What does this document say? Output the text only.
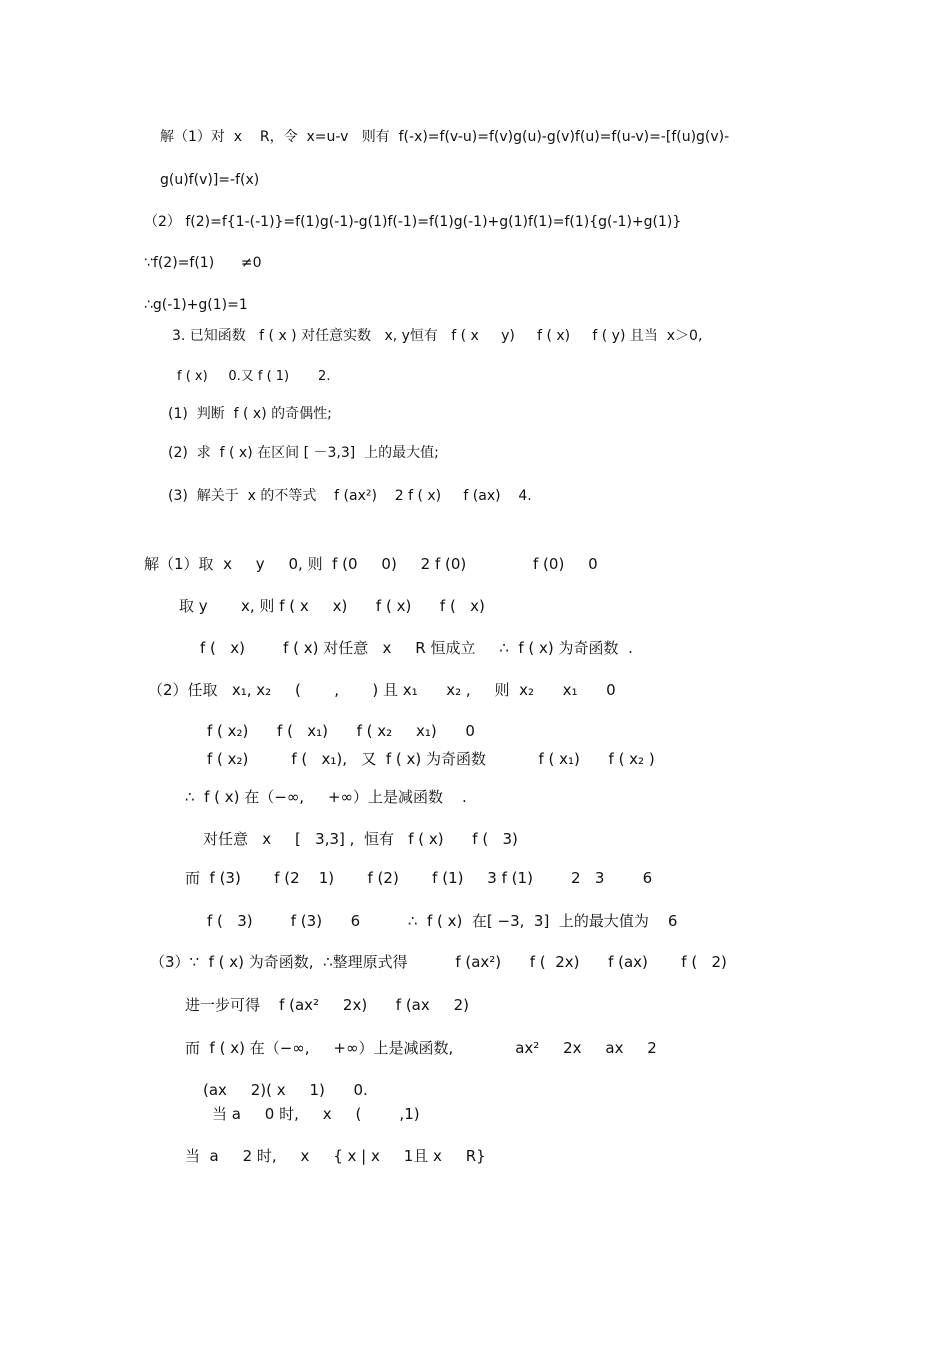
解（1）对  x    R，令  x=u-v   则有  f(-x)=f(v-u)=f(v)g(u)-g(v)f(u)=f(u-v)=-[f(u)g(v)-
g(u)f(v)]=-f(x)
（2） f(2)=f{1-(-1)}=f(1)g(-1)-g(1)f(-1)=f(1)g(-1)+g(1)f(1)=f(1){g(-1)+g(1)}
∵f(2)=f(1)      ≠0
∴g(-1)+g(1)=1
3. 已知函数   f ( x ) 对任意实数   x, y恒有   f ( x     y)     f ( x)     f ( y) 且当  x＞0,
f ( x)     0.又 f ( 1)       2.
(1)  判断  f ( x) 的奇偶性;
(2)  求  f ( x) 在区间 [ －3,3]  上的最大值;
(3)  解关于  x 的不等式    f (ax²)    2 f ( x)     f (ax)    4.
解（1）取  x     y     0, 则  f (0     0)     2 f (0)              f (0)     0
取 y       x, 则 f ( x     x)      f ( x)      f (   x)
f (   x)        f ( x) 对任意   x     R 恒成立     ∴  f ( x) 为奇函数  .
（2）任取   x₁, x₂     (       ,       ) 且 x₁      x₂ ,     则  x₂      x₁      0
f ( x₂)      f (   x₁)      f ( x₂     x₁)      0
f ( x₂)         f (   x₁),   又  f ( x) 为奇函数           f ( x₁)      f ( x₂ )
∴  f ( x) 在（−∞,     +∞）上是减函数    .
对任意   x     [   3,3] ,  恒有   f ( x)      f (   3)
而  f (3)       f (2    1)       f (2)       f (1)     3 f (1)        2   3        6
f (   3)        f (3)      6          ∴  f ( x)  在[ −3,  3]  上的最大值为    6
（3）∵  f ( x) 为奇函数,  ∴整理原式得          f (ax²)      f (  2x)      f (ax)       f (   2)
进一步可得    f (ax²     2x)      f (ax     2)
而  f ( x) 在（−∞,     +∞）上是减函数,             ax²     2x     ax     2
(ax     2)( x     1)      0.
当 a     0 时,     x     (        ,1)
当  a     2 时,     x     { x | x     1且 x     R}
